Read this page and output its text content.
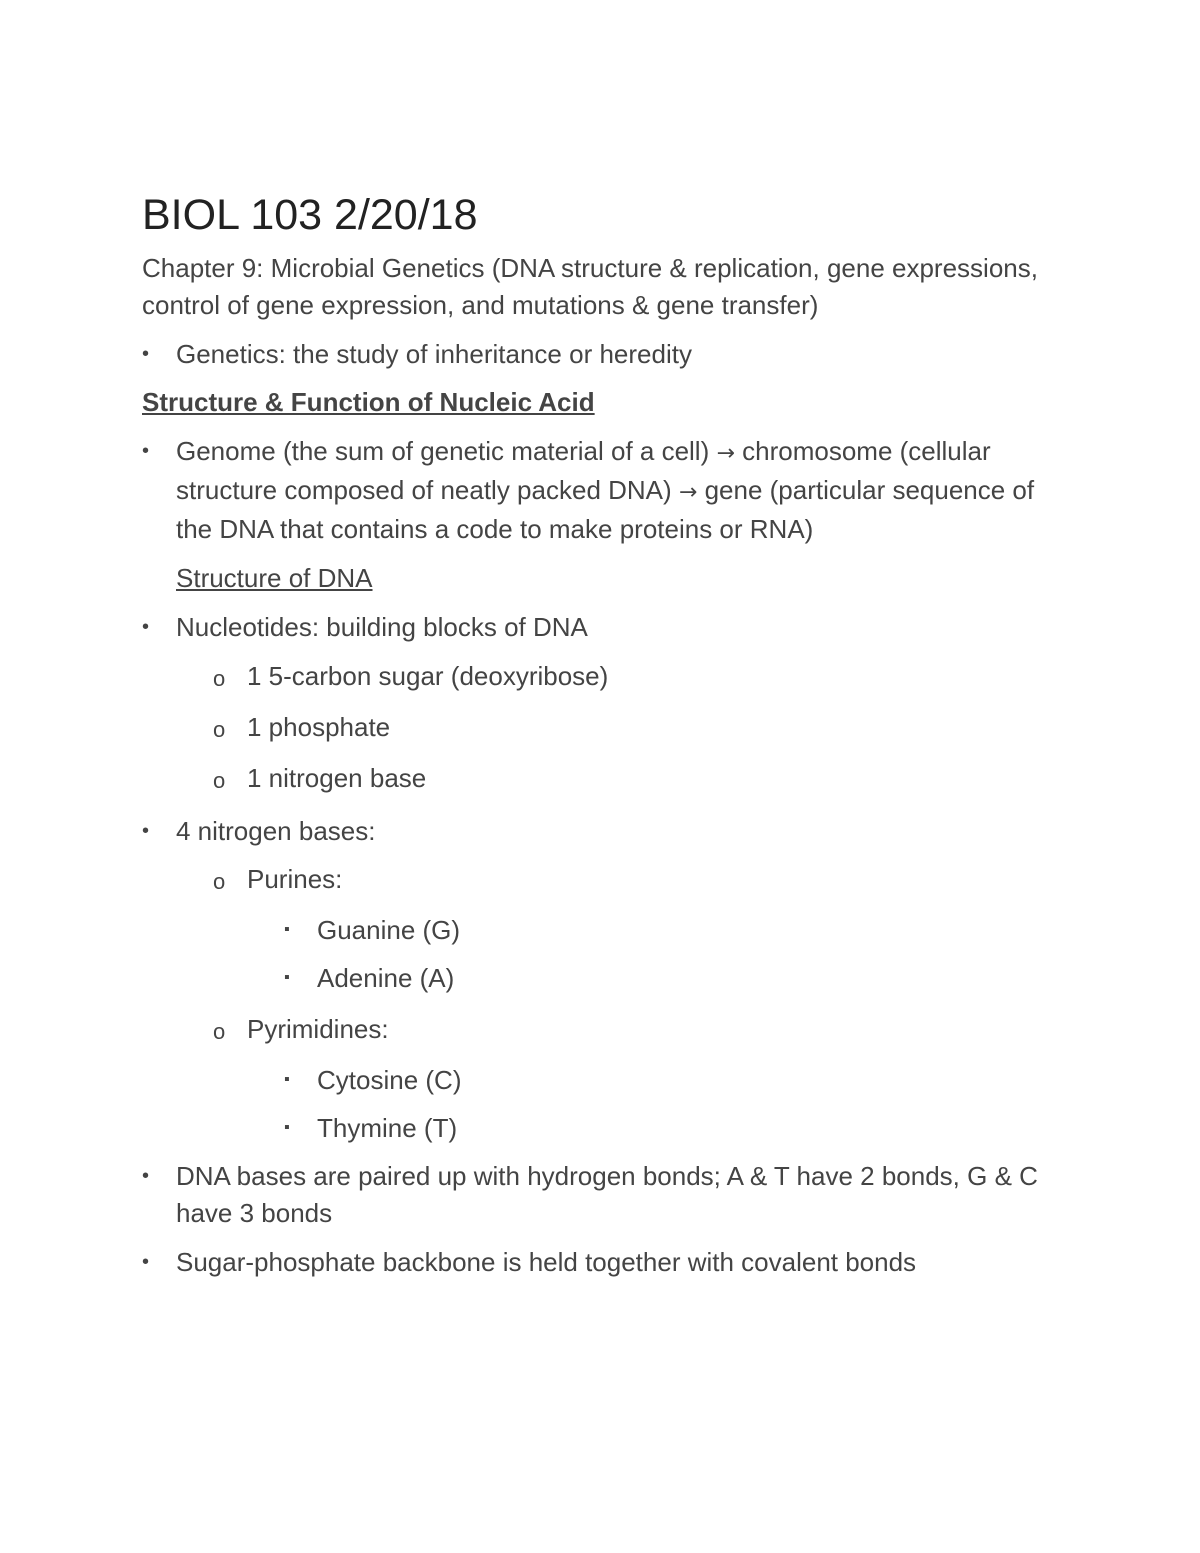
BIOL 103 2/20/18
Chapter 9: Microbial Genetics (DNA structure & replication, gene expressions, control of gene expression, and mutations & gene transfer)
•	Genetics: the study of inheritance or heredity
Structure & Function of Nucleic Acid
•	Genome (the sum of genetic material of a cell) → chromosome (cellular structure composed of neatly packed DNA) → gene (particular sequence of the DNA that contains a code to make proteins or RNA)
Structure of DNA
•	Nucleotides: building blocks of DNA
o 1 5-carbon sugar (deoxyribose)
o 1 phosphate
o 1 nitrogen base
•	4 nitrogen bases:
o Purines:
▪ Guanine (G)
▪ Adenine (A)
o Pyrimidines:
▪ Cytosine (C)
▪ Thymine (T)
•	DNA bases are paired up with hydrogen bonds; A & T have 2 bonds, G & C have 3 bonds
•	Sugar-phosphate backbone is held together with covalent bonds
